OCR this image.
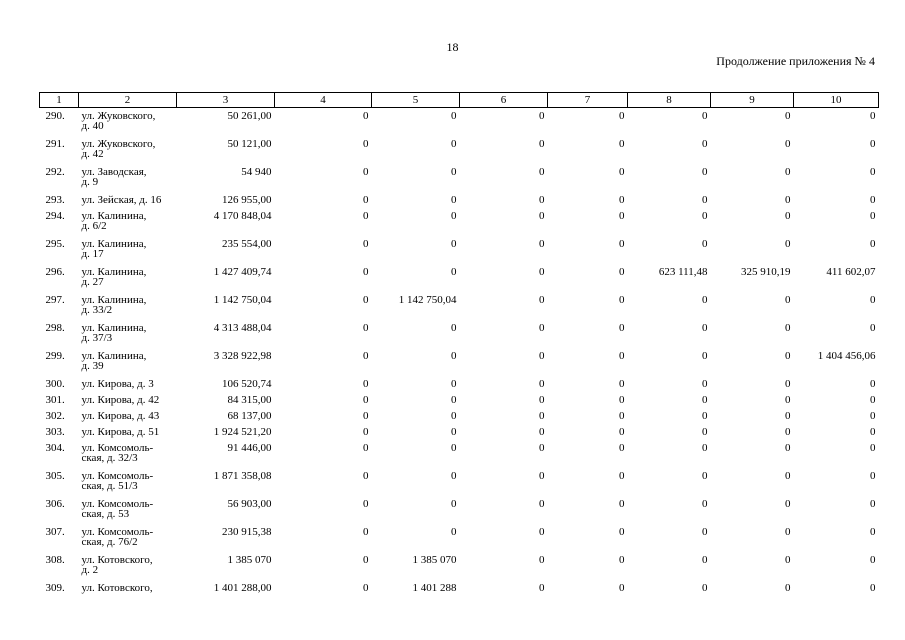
18
Продолжение приложения № 4
1	2	3	4	5	6	7	8	9	10
290.	ул. Жуковского,
д. 40	50 261,00	0	0	0	0	0	0	0
291.	ул. Жуковского,
д. 42	50 121,00	0	0	0	0	0	0	0
292.	ул. Заводская,
д. 9	54 940	0	0	0	0	0	0	0
293.	ул. Зейская, д. 16	126 955,00	0	0	0	0	0	0	0
294.	ул. Калинина,
д. 6/2	4 170 848,04	0	0	0	0	0	0	0
295.	ул. Калинина,
д. 17	235 554,00	0	0	0	0	0	0	0
296.	ул. Калинина,
д. 27	1 427 409,74	0	0	0	0	623 111,48	325 910,19	411 602,07
297.	ул. Калинина,
д. 33/2	1 142 750,04	0	1 142 750,04	0	0	0	0	0
298.	ул. Калинина,
д. 37/3	4 313 488,04	0	0	0	0	0	0	0
299.	ул. Калинина,
д. 39	3 328 922,98	0	0	0	0	0	0	1 404 456,06
300.	ул. Кирова, д. 3	106 520,74	0	0	0	0	0	0	0
301.	ул. Кирова, д. 42	84 315,00	0	0	0	0	0	0	0
302.	ул. Кирова, д. 43	68 137,00	0	0	0	0	0	0	0
303.	ул. Кирова, д. 51	1 924 521,20	0	0	0	0	0	0	0
304.	ул. Комсомоль-
ская, д. 32/3	91 446,00	0	0	0	0	0	0	0
305.	ул. Комсомоль-
ская, д. 51/3	1 871 358,08	0	0	0	0	0	0	0
306.	ул. Комсомоль-
ская, д. 53	56 903,00	0	0	0	0	0	0	0
307.	ул. Комсомоль-
ская, д. 76/2	230 915,38	0	0	0	0	0	0	0
308.	ул. Котовского,
д. 2	1 385 070	0	1 385 070	0	0	0	0	0
309.	ул. Котовского,	1 401 288,00	0	1 401 288	0	0	0	0	0
